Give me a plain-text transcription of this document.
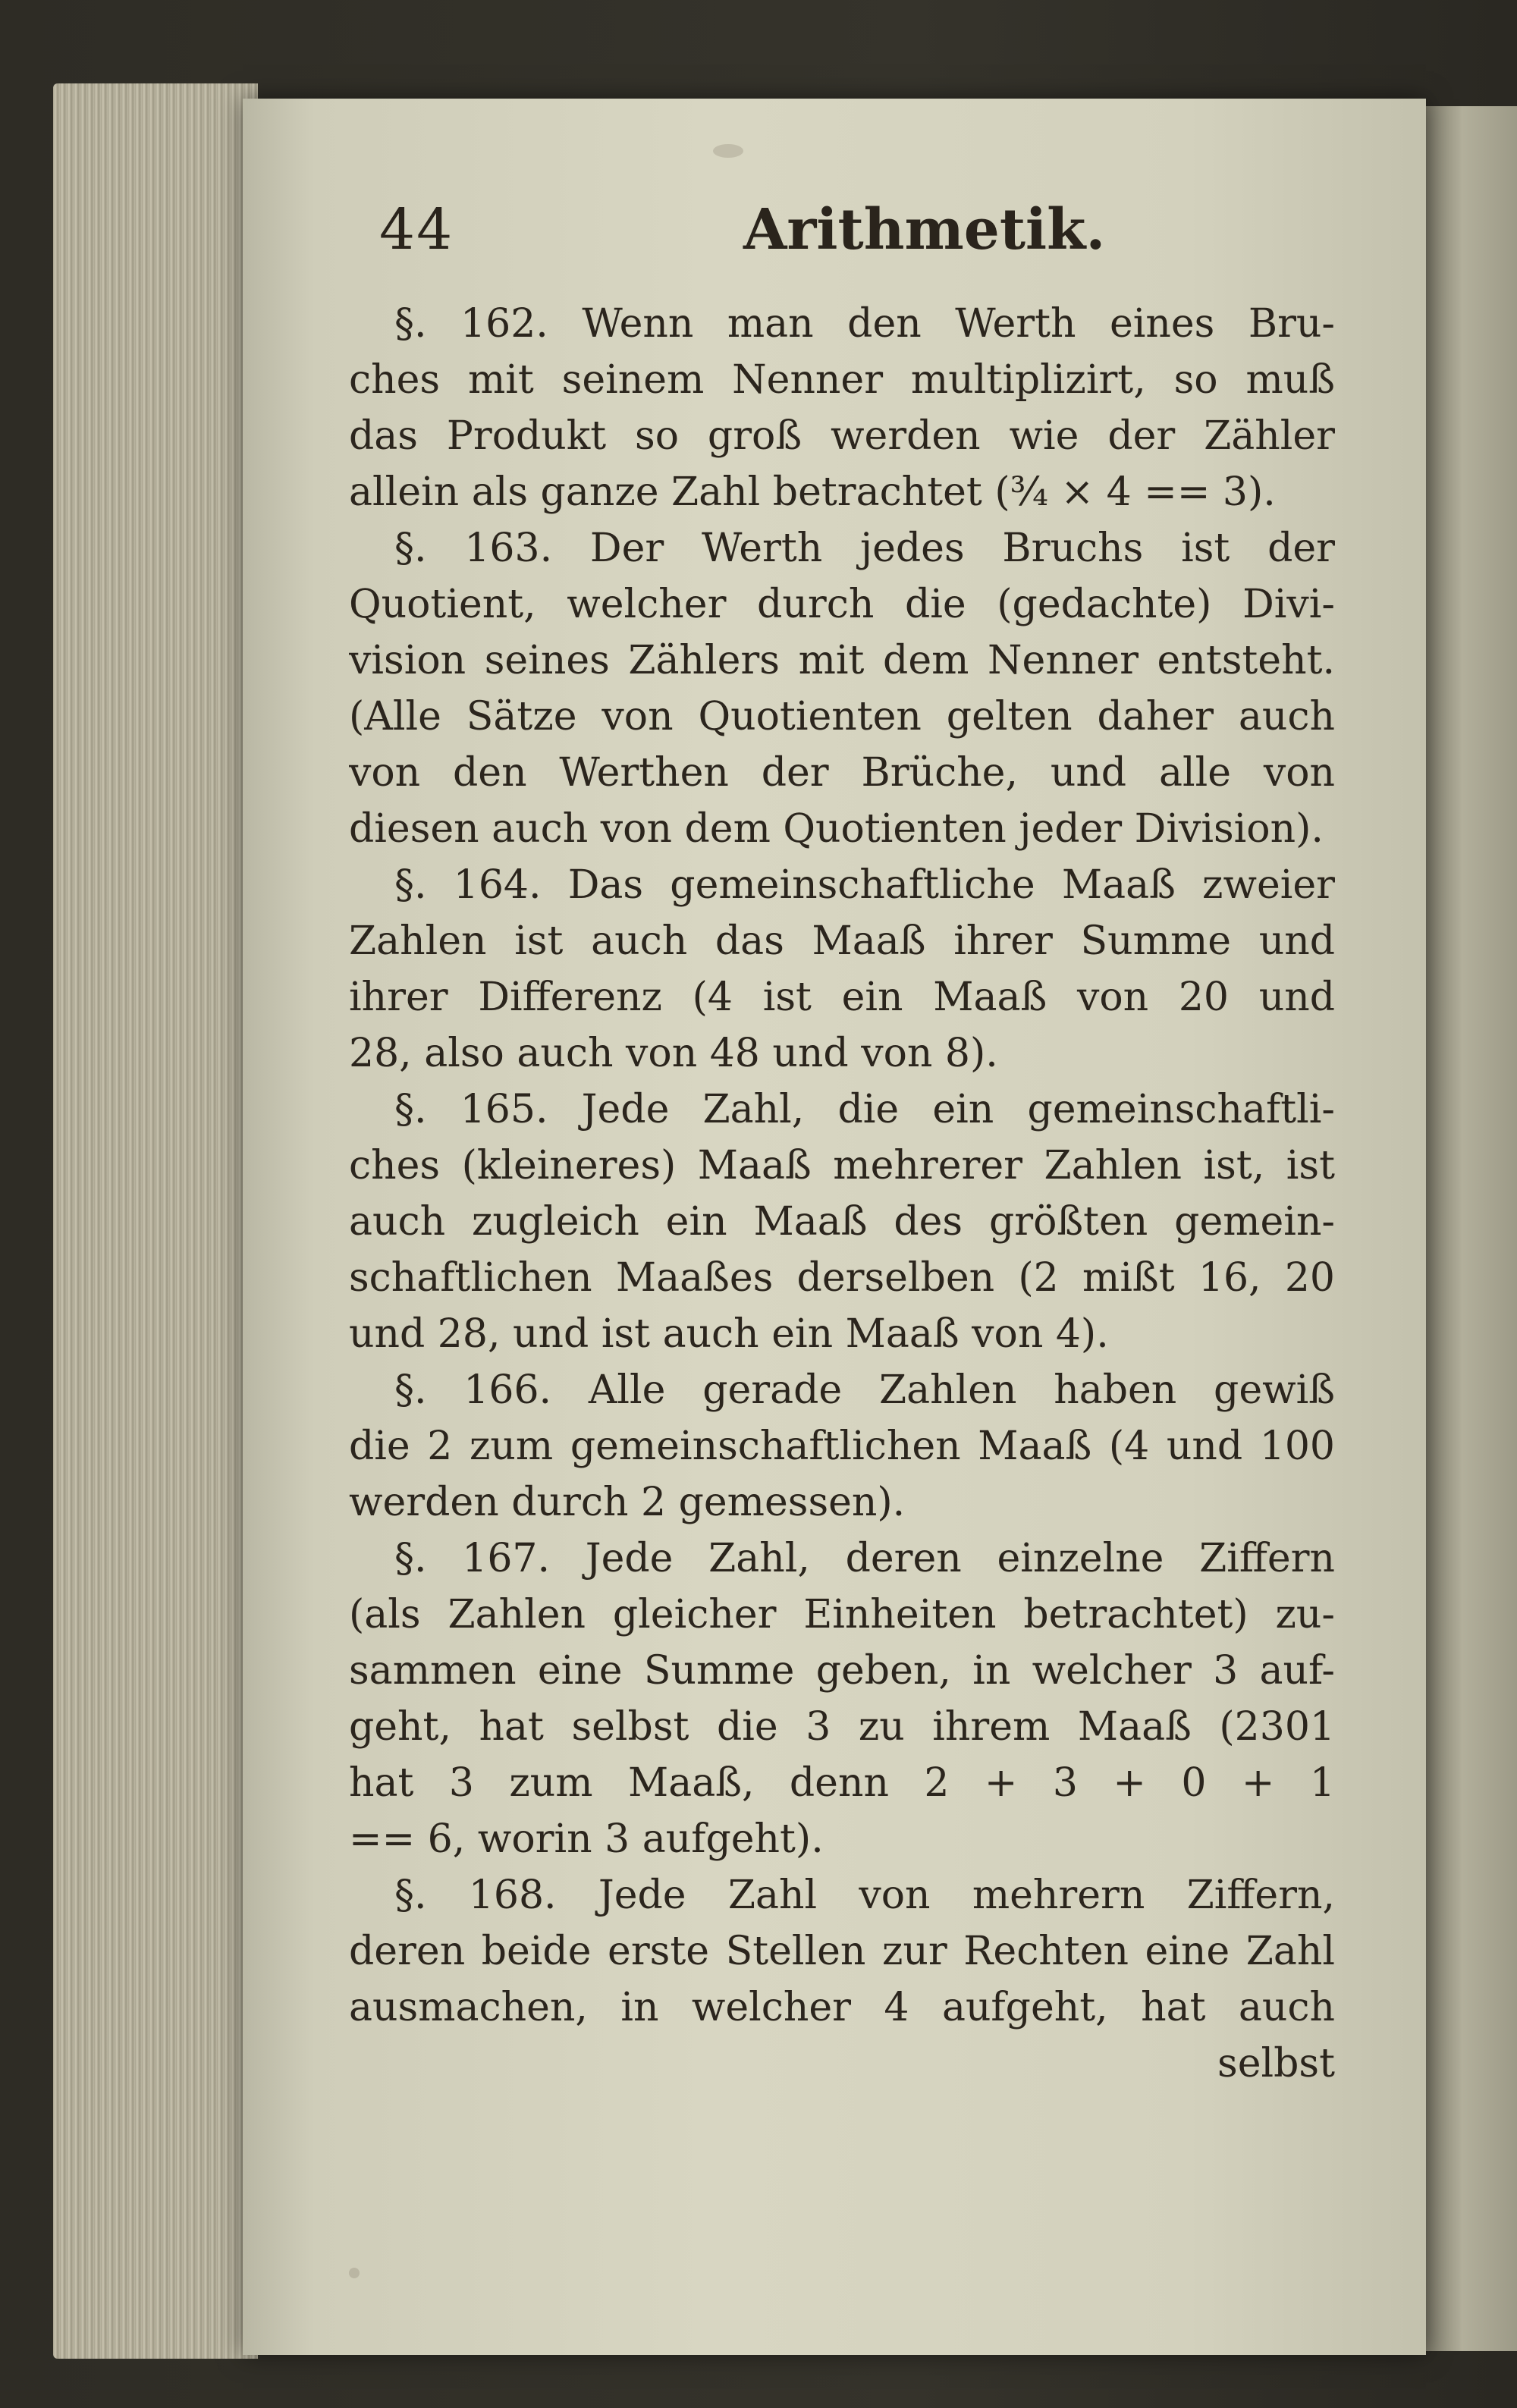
44	Arithmetik.
§. 162. Wenn man den Werth eines Bru-
ches mit seinem Nenner multiplizirt, so muß
das Produkt so groß werden wie der Zähler
allein als ganze Zahl betrachtet (¾ × 4 == 3).
§. 163. Der Werth jedes Bruchs ist der
Quotient, welcher durch die (gedachte) Divi-
vision seines Zählers mit dem Nenner entsteht.
(Alle Sätze von Quotienten gelten daher auch
von den Werthen der Brüche, und alle von
diesen auch von dem Quotienten jeder Division).
§. 164. Das gemeinschaftliche Maaß zweier
Zahlen ist auch das Maaß ihrer Summe und
ihrer Differenz (4 ist ein Maaß von 20 und
28, also auch von 48 und von 8).
§. 165. Jede Zahl, die ein gemeinschaftli-
ches (kleineres) Maaß mehrerer Zahlen ist, ist
auch zugleich ein Maaß des größten gemein-
schaftlichen Maaßes derselben (2 mißt 16, 20
und 28, und ist auch ein Maaß von 4).
§. 166. Alle gerade Zahlen haben gewiß
die 2 zum gemeinschaftlichen Maaß (4 und 100
werden durch 2 gemessen).
§. 167. Jede Zahl, deren einzelne Ziffern
(als Zahlen gleicher Einheiten betrachtet) zu-
sammen eine Summe geben, in welcher 3 auf-
geht, hat selbst die 3 zu ihrem Maaß (2301
hat 3 zum Maaß, denn 2 + 3 + 0 + 1
== 6, worin 3 aufgeht).
§. 168. Jede Zahl von mehrern Ziffern,
deren beide erste Stellen zur Rechten eine Zahl
ausmachen, in welcher 4 aufgeht, hat auch
selbst
